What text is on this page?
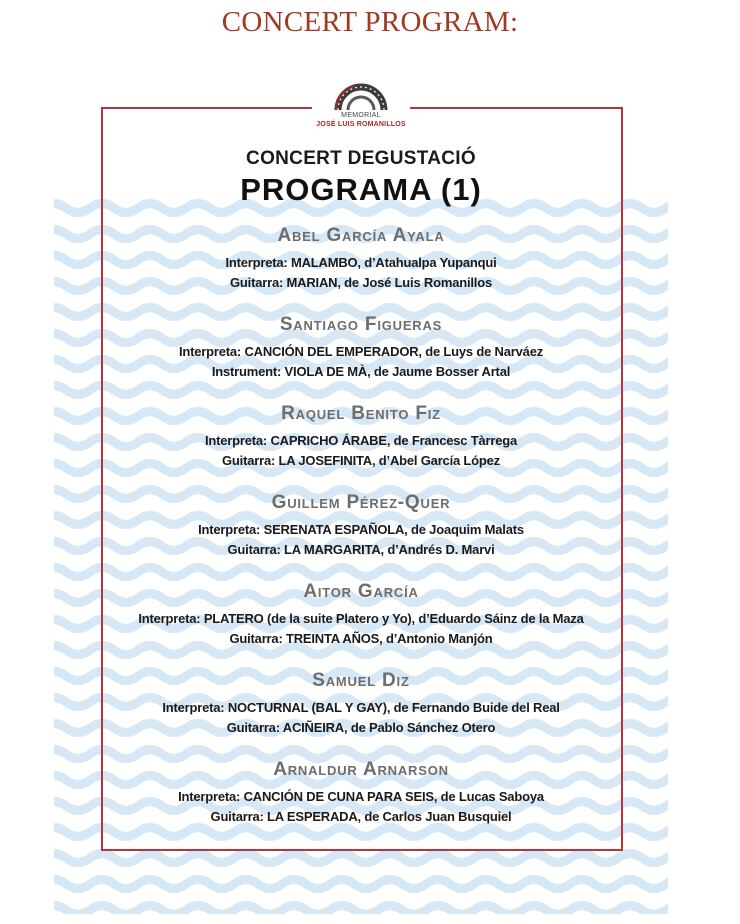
CONCERT PROGRAM:
MEMORIAL
JOSÉ LUIS ROMANILLOS
CONCERT DEGUSTACIÓ
PROGRAMA (1)
Abel García Ayala
Interpreta: MALAMBO, d’Atahualpa Yupanqui
Guitarra: MARIAN, de José Luis Romanillos
Santiago Figueras
Interpreta: CANCIÓN DEL EMPERADOR, de Luys de Narváez
Instrument: VIOLA DE MÀ, de Jaume Bosser Artal
Raquel Benito Fiz
Interpreta: CAPRICHO ÁRABE, de Francesc Tàrrega
Guitarra: LA JOSEFINITA, d’Abel García López
Guillem Pérez-Quer
Interpreta: SERENATA ESPAÑOLA, de Joaquim Malats
Guitarra: LA MARGARITA, d’Andrés D. Marvi
Aitor García
Interpreta: PLATERO (de la suite Platero y Yo), d’Eduardo Sáinz de la Maza
Guitarra: TREINTA AÑOS, d’Antonio Manjón
Samuel Diz
Interpreta: NOCTURNAL (BAL Y GAY), de Fernando Buide del Real
Guitarra: ACIÑEIRA, de Pablo Sánchez Otero
Arnaldur Arnarson
Interpreta: CANCIÓN DE CUNA PARA SEIS, de Lucas Saboya
Guitarra: LA ESPERADA, de Carlos Juan Busquiel
